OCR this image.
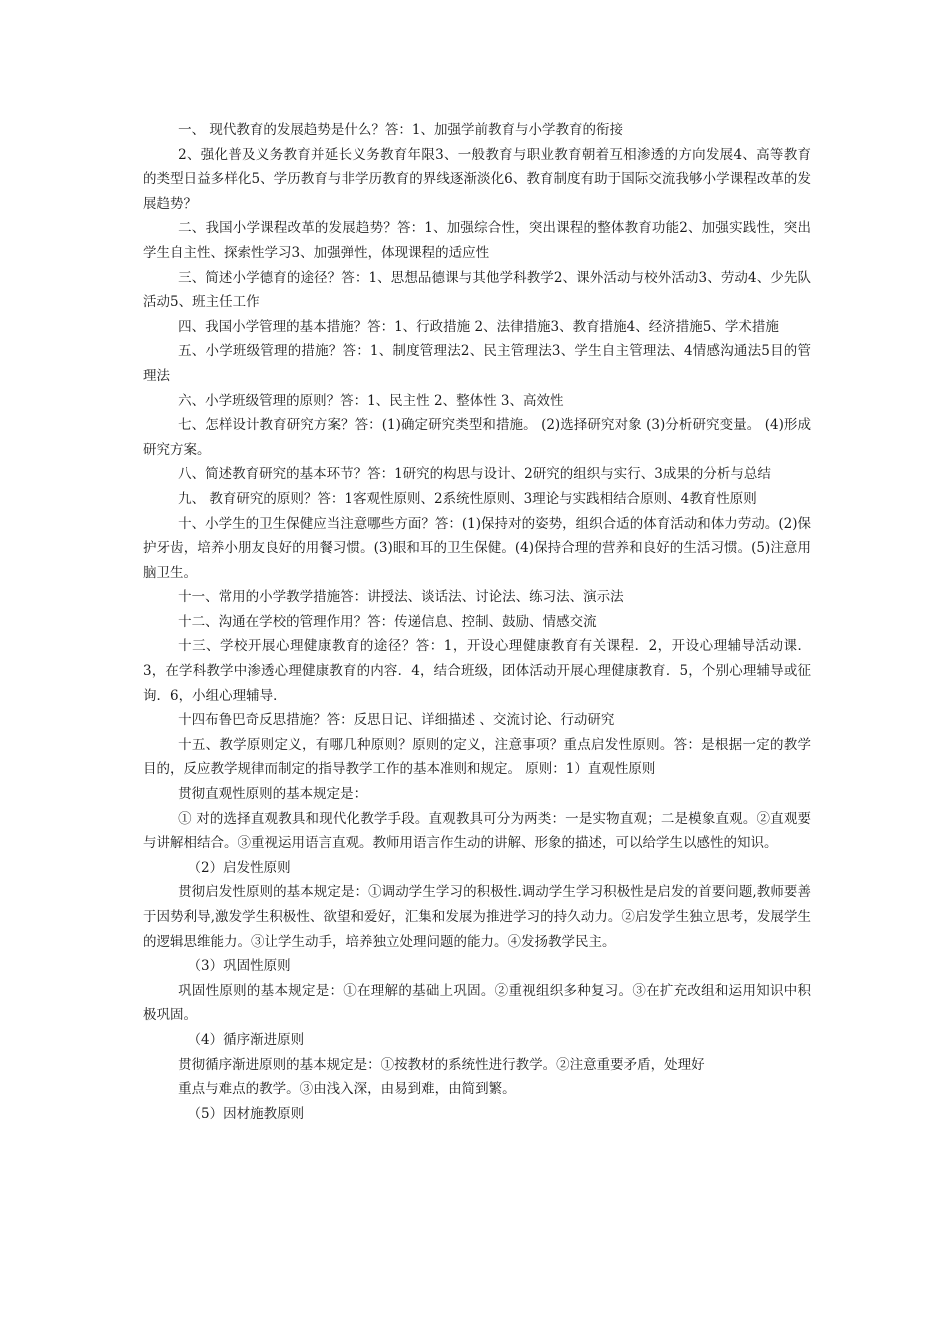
一、 现代教育的发展趋势是什么？答：1、加强学前教育与小学教育的衔接

2、强化普及义务教育并延长义务教育年限3、一般教育与职业教育朝着互相渗透的方向发展4、高等教育的类型日益多样化5、学历教育与非学历教育的界线逐渐淡化6、教育制度有助于国际交流我够小学课程改革的发展趋势？

二、我国小学课程改革的发展趋势？答：1、加强综合性，突出课程的整体教育功能2、加强实践性，突出学生自主性、探索性学习3、加强弹性，体现课程的适应性

三、简述小学德育的途径？答：1、思想品德课与其他学科教学2、课外活动与校外活动3、劳动4、少先队活动5、班主任工作

四、我国小学管理的基本措施？答：1、行政措施 2、法律措施3、教育措施4、经济措施5、学术措施

五、小学班级管理的措施？答：1、制度管理法2、民主管理法3、学生自主管理法、4情感沟通法5目的管理法

六、小学班级管理的原则？答：1、民主性 2、整体性 3、高效性

七、怎样设计教育研究方案？答：(1)确定研究类型和措施。 (2)选择研究对象 (3)分析研究变量。 (4)形成研究方案。

八、简述教育研究的基本环节？答：1研究的构思与设计、2研究的组织与实行、3成果的分析与总结

九、 教育研究的原则？答：1客观性原则、2系统性原则、3理论与实践相结合原则、4教育性原则

十、小学生的卫生保健应当注意哪些方面？答：(1)保持对的姿势，组织合适的体育活动和体力劳动。(2)保护牙齿，培养小朋友良好的用餐习惯。(3)眼和耳的卫生保健。(4)保持合理的营养和良好的生活习惯。(5)注意用脑卫生。

十一、常用的小学教学措施答：讲授法、谈话法、讨论法、练习法、演示法

十二、沟通在学校的管理作用？答：传递信息、控制、鼓励、情感交流

十三、学校开展心理健康教育的途径？答：1，开设心理健康教育有关课程．2，开设心理辅导活动课．3，在学科教学中渗透心理健康教育的内容．4，结合班级，团体活动开展心理健康教育．5，个别心理辅导或征询．6，小组心理辅导．

十四布鲁巴奇反思措施？答：反思日记、详细描述 、交流讨论、行动研究

十五、教学原则定义，有哪几种原则？原则的定义，注意事项？重点启发性原则。答：是根据一定的教学目的，反应教学规律而制定的指导教学工作的基本准则和规定。 原则：1）直观性原则

贯彻直观性原则的基本规定是：

① 对的选择直观教具和现代化教学手段。直观教具可分为两类：一是实物直观；二是模象直观。②直观要与讲解相结合。③重视运用语言直观。教师用语言作生动的讲解、形象的描述，可以给学生以感性的知识。

（2）启发性原则

贯彻启发性原则的基本规定是：①调动学生学习的积极性.调动学生学习积极性是启发的首要问题,教师要善于因势利导,激发学生积极性、欲望和爱好，汇集和发展为推进学习的持久动力。②启发学生独立思考，发展学生的逻辑思维能力。③让学生动手，培养独立处理问题的能力。④发扬教学民主。

（3）巩固性原则

巩固性原则的基本规定是：①在理解的基础上巩固。②重视组织多种复习。③在扩充改组和运用知识中积极巩固。

（4）循序渐进原则

贯彻循序渐进原则的基本规定是：①按教材的系统性进行教学。②注意重要矛盾，处理好

重点与难点的教学。③由浅入深，由易到难，由简到繁。

（5）因材施教原则
